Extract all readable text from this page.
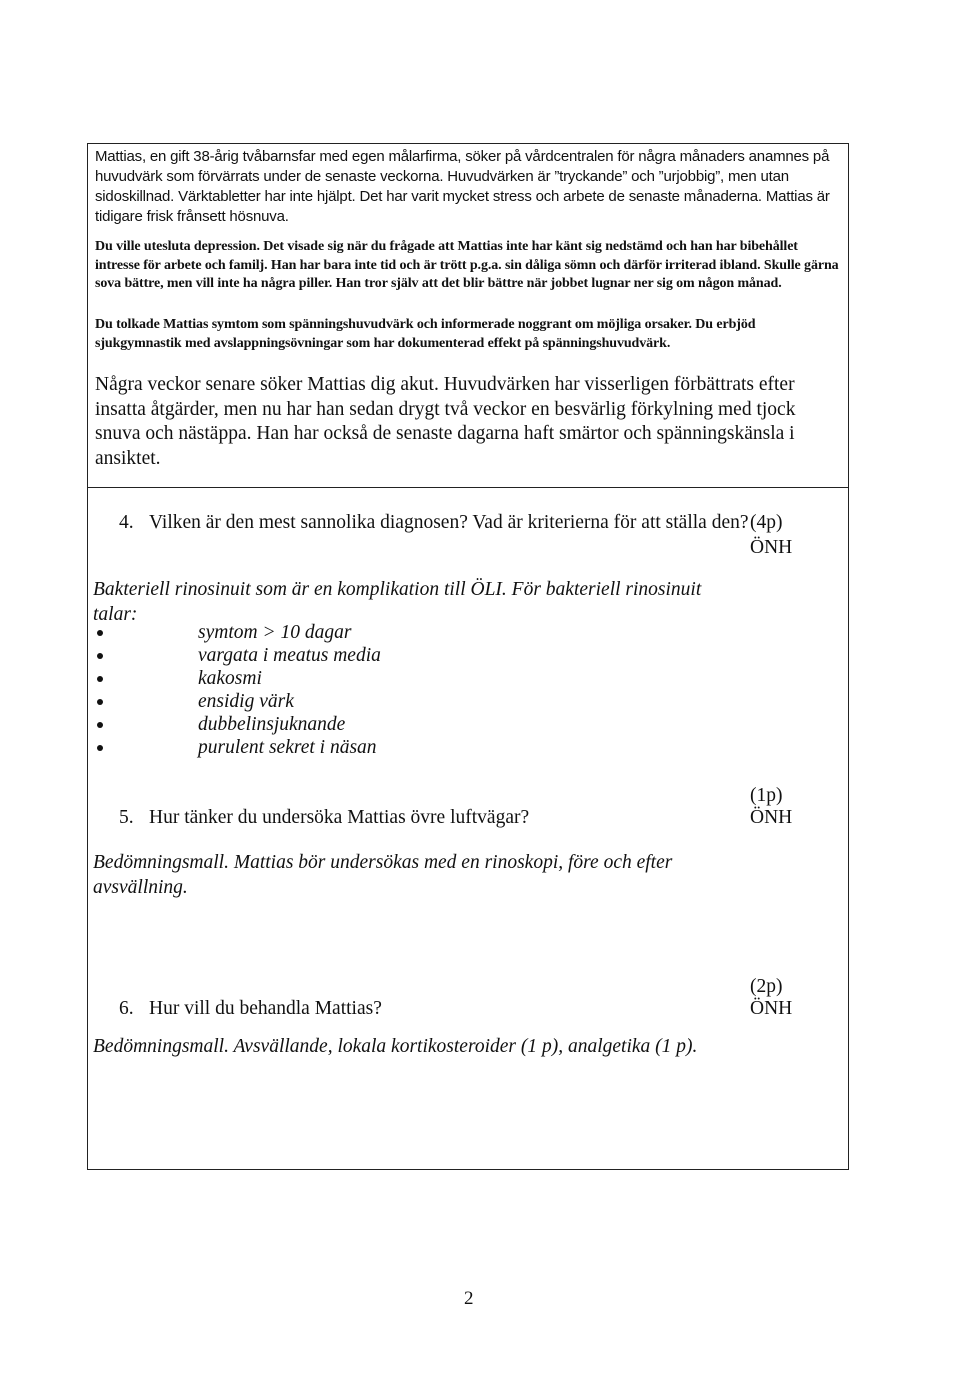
Mattias, en gift 38-årig tvåbarnsfar med egen målarfirma, söker på vårdcentralen för några månaders anamnes på huvudvärk som förvärrats under de senaste veckorna. Huvudvärken är ”tryckande” och ”urjobbig”, men utan sidoskillnad. Värktabletter har inte hjälpt. Det har varit mycket stress och arbete de senaste månaderna. Mattias är tidigare frisk frånsett hösnuva.

Du ville utesluta depression. Det visade sig när du frågade att Mattias inte har känt sig nedstämd och han har bibehållet intresse för arbete och familj. Han har bara inte tid och är trött p.g.a. sin dåliga sömn och därför irriterad ibland. Skulle gärna sova bättre, men vill inte ha några piller. Han tror själv att det blir bättre när jobbet lugnar ner sig om någon månad.

Du tolkade Mattias symtom som spänningshuvudvärk och informerade noggrant om möjliga orsaker. Du erbjöd sjukgymnastik med avslappningsövningar som har dokumenterad effekt på spänningshuvudvärk.

Några veckor senare söker Mattias dig akut. Huvudvärken har visserligen förbättrats efter insatta åtgärder, men nu har han sedan drygt två veckor en besvärlig förkylning med tjock snuva och nästäppa. Han har också de senaste dagarna haft smärtor och spänningskänsla i ansiktet.

4. Vilken är den mest sannolika diagnosen? Vad är kriterierna för att ställa den? (4p)
ÖNH

Bakteriell rinosinuit som är en komplikation till ÖLI. För bakteriell rinosinuit talar:

symtom > 10 dagar
vargata i meatus media
kakosmi
ensidig värk
dubbelinsjuknande
purulent sekret i näsan
(1p)
5. Hur tänker du undersöka Mattias övre luftvägar?	ÖNH

Bedömningsmall. Mattias bör undersökas med en rinoskopi, före och efter avsvällning.

(2p)
6. Hur vill du behandla Mattias?	ÖNH

Bedömningsmall. Avsvällande, lokala kortikosteroider (1 p), analgetika (1 p).

2
